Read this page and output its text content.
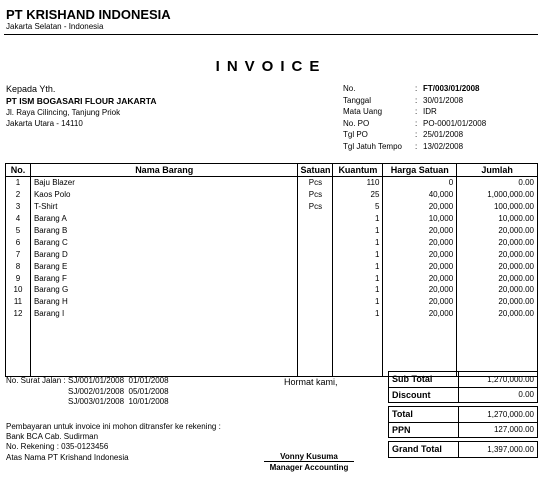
PT KRISHAND INDONESIA
Jakarta Selatan - Indonesia
INVOICE
Kepada Yth.
PT ISM BOGASARI FLOUR JAKARTA
Jl. Raya Cilincing, Tanjung Priok
Jakarta Utara - 14110
No.	: FT/003/01/2008
Tanggal	: 30/01/2008
Mata Uang	: IDR
No. PO	: PO-0001/01/2008
Tgl PO	: 25/01/2008
Tgl Jatuh Tempo : 13/02/2008
No.	Nama Barang	Satuan	Kuantum	Harga Satuan	Jumlah
1	Baju Blazer	Pcs	110	0	0.00
2	Kaos Polo	Pcs	25	40,000	1,000,000.00
3	T-Shirt	Pcs	5	20,000	100,000.00
4	Barang A		1	10,000	10,000.00
5	Barang B		1	20,000	20,000.00
6	Barang C		1	20,000	20,000.00
7	Barang D		1	20,000	20,000.00
8	Barang E		1	20,000	20,000.00
9	Barang F		1	20,000	20,000.00
10	Barang G		1	20,000	20,000.00
11	Barang H		1	20,000	20,000.00
12	Barang I		1	20,000	20,000.00

No. Surat Jalan : SJ/001/01/2008 01/01/2008
SJ/002/01/2008 05/01/2008
SJ/003/01/2008 10/01/2008
Hormat kami,
Pembayaran untuk invoice ini mohon ditransfer ke rekening :
Bank BCA Cab. Sudirman
No. Rekening : 035-0123456
Atas Nama PT Krishand Indonesia	Vonny Kusuma
Manager Accounting
Sub Total	1,270,000.00
Discount	0.00

Total	1,270,000.00
PPN	127,000.00

Grand Total	1,397,000.00
